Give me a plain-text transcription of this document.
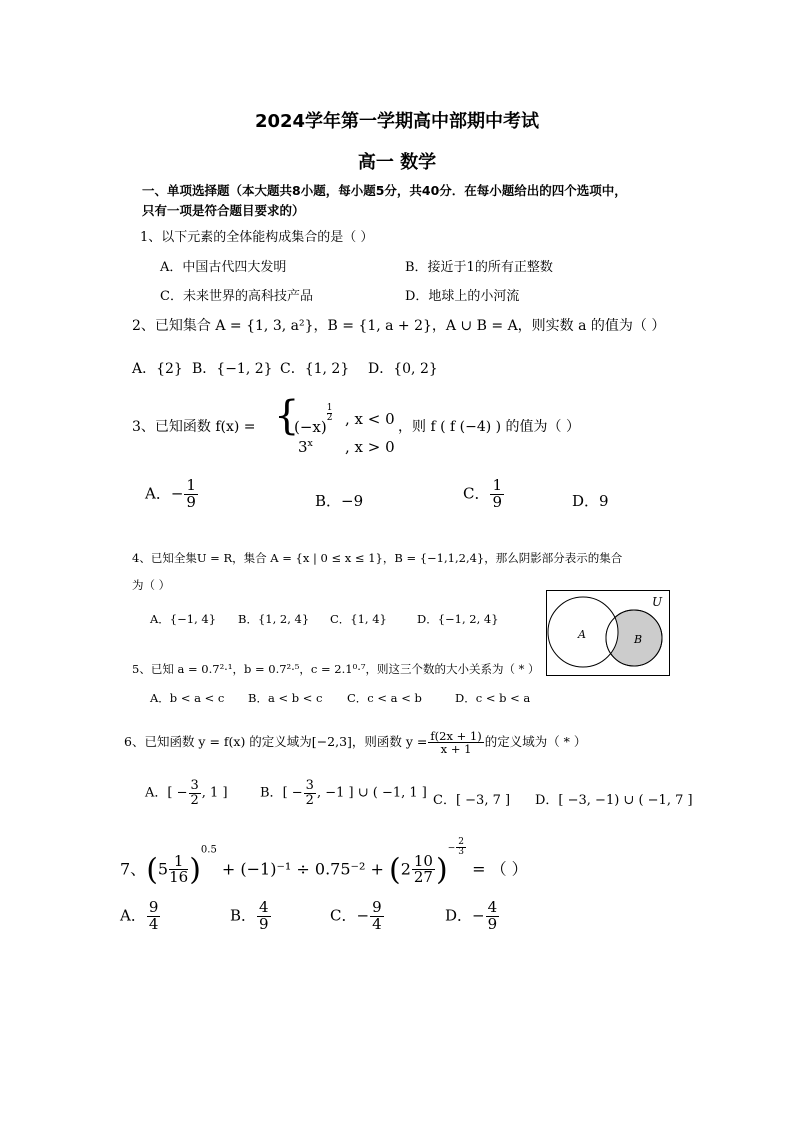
2024学年第一学期高中部期中考试
高一 数学
一、单项选择题（本大题共8小题，每小题5分，共40分．在每小题给出的四个选项中，
只有一项是符合题目要求的）
1、以下元素的全体能构成集合的是（ ）
A．中国古代四大发明	B．接近于1的所有正整数
C．未来世界的高科技产品	D．地球上的小河流
2、已知集合 A = {1, 3, a²}，B = {1, a + 2}，A ∪ B = A，则实数 a 的值为（ ）
A．{2} B．{−1, 2} C．{1, 2} D．{0, 2}
3、已知函数 f(x) = {
(−x)
$\frac{1}{2}$ , x < 0
3$^x$ , x > 0
，则 f ( f (−4) ) 的值为（ ）
A．− $\frac{1}{9}$	B．−9	C． $\frac{1}{9}$	D．9
4、已知全集U = R，集合 A = {x | 0 ≤ x ≤ 1}，B = {−1,1,2,4}，那么阴影部分表示的集合
为（ ）
A．{−1, 4} B．{1, 2, 4} C．{1, 4}	D．{−1, 2, 4}
U
A	B
5、已知 a = 0.7²·¹，b = 0.7²·⁵，c = 2.1⁰·⁷，则这三个数的大小关系为（ * ）
A．b < a < c B．a < b < c C．c < a < b	D．c < b < a
6、已知函数 y = f(x) 的定义域为[−2,3]，则函数 $y = \frac{f(2x + 1)}{x + 1}$ 的定义域为（ * ）
A．[ − $\frac{3}{2}$ , 1 ] B．[ − $\frac{3}{2}$ , −1 ] ∪ ( −1, 1 ] C．[ −3, 7 ] D．[ −3, −1) ∪ ( −1, 7 ]
7、$(5 \frac{1}{16} )^{0.5} + (-1)^{-1} \div 0.75^{-2} + (2 \frac{10}{27}$ )− $\frac{2}{3}$
= （ ）
A． $\frac{9}{4}$	B． $\frac{4}{9}$	C．− $\frac{9}{4}$	D．− $\frac{4}{9}$
